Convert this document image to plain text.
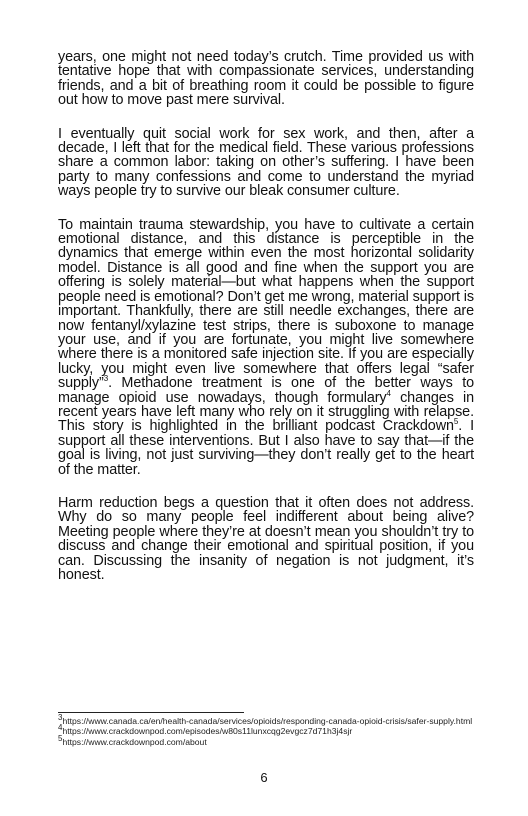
years, one might not need today’s crutch. Time provided us with tentative hope that with compassionate services, understanding friends, and a bit of breathing room it could be possible to figure out how to move past mere survival.

I eventually quit social work for sex work, and then, after a decade, I left that for the medical field. These various professions share a common labor: taking on other’s suffering. I have been party to many confessions and come to understand the myriad ways people try to survive our bleak consumer culture.

To maintain trauma stewardship, you have to cultivate a certain emotional distance, and this distance is perceptible in the dynamics that emerge within even the most horizontal solidarity model. Distance is all good and fine when the support you are offering is solely material—but what happens when the support people need is emotional? Don’t get me wrong, material support is important. Thankfully, there are still needle exchanges, there are now fentanyl/xylazine test strips, there is suboxone to manage your use, and if you are fortunate, you might live somewhere where there is a monitored safe injection site. If you are especially lucky, you might even live somewhere that offers legal “safer supply”$^3$. Methadone treatment is one of the better ways to manage opioid use nowadays, though formulary$^4$ changes in recent years have left many who rely on it struggling with relapse. This story is highlighted in the brilliant podcast Crackdown$^5$. I support all these interventions. But I also have to say that—if the goal is living, not just surviving—they don’t really get to the heart of the matter.

Harm reduction begs a question that it often does not address. Why do so many people feel indifferent about being alive? Meeting people where they’re at doesn’t mean you shouldn’t try to discuss and change their emotional and spiritual position, if you can. Discussing the insanity of negation is not judgment, it’s honest.

$^3$https://www.canada.ca/en/health-canada/services/opioids/responding-canada-opioid-crisis/safer-supply.html

$^4$https://www.crackdownpod.com/episodes/w80s11lunxcqg2evgcz7d71h3j4sjr

$^5$https://www.crackdownpod.com/about

6
